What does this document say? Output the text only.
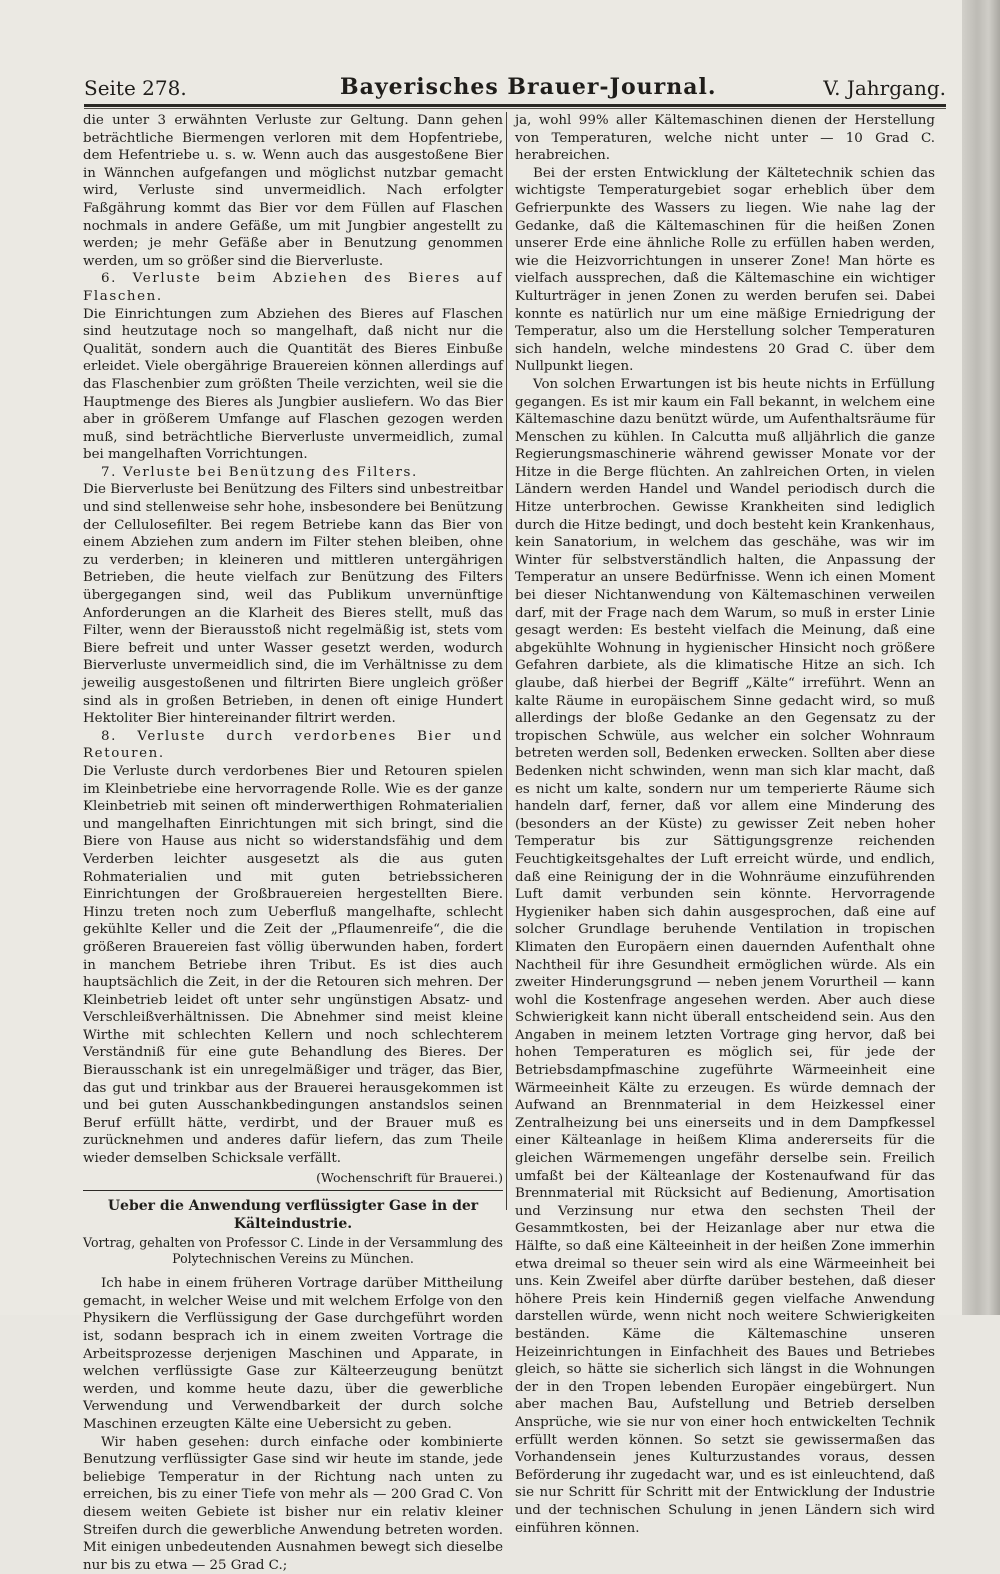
Seite 278.	Bayerisches Brauer-Journal.	V. Jahrgang.

die unter 3 erwähnten Verluste zur Geltung. Dann gehen beträchtliche Biermengen verloren mit dem Hopfentriebe, dem Hefentriebe u. s. w. Wenn auch das ausgestoßene Bier in Wännchen aufgefangen und möglichst nutzbar gemacht wird, Verluste sind unvermeidlich. Nach erfolgter Faßgährung kommt das Bier vor dem Füllen auf Flaschen nochmals in andere Gefäße, um mit Jungbier angestellt zu werden; je mehr Gefäße aber in Benutzung genommen werden, um so größer sind die Bierverluste.

6. Verluste beim Abziehen des Bieres auf Flaschen.

Die Einrichtungen zum Abziehen des Bieres auf Flaschen sind heutzutage noch so mangelhaft, daß nicht nur die Qualität, sondern auch die Quantität des Bieres Einbuße erleidet. Viele obergährige Brauereien können allerdings auf das Flaschenbier zum größten Theile verzichten, weil sie die Hauptmenge des Bieres als Jungbier ausliefern. Wo das Bier aber in größerem Umfange auf Flaschen gezogen werden muß, sind beträchtliche Bierverluste unvermeidlich, zumal bei mangelhaften Vorrichtungen.

7. Verluste bei Benützung des Filters.

Die Bierverluste bei Benützung des Filters sind unbestreitbar und sind stellenweise sehr hohe, insbesondere bei Benützung der Cellulosefilter. Bei regem Betriebe kann das Bier von einem Abziehen zum andern im Filter stehen bleiben, ohne zu verderben; in kleineren und mittleren untergährigen Betrieben, die heute vielfach zur Benützung des Filters übergegangen sind, weil das Publikum unvernünftige Anforderungen an die Klarheit des Bieres stellt, muß das Filter, wenn der Bierausstoß nicht regelmäßig ist, stets vom Biere befreit und unter Wasser gesetzt werden, wodurch Bierverluste unvermeidlich sind, die im Verhältnisse zu dem jeweilig ausgestoßenen und filtrirten Biere ungleich größer sind als in großen Betrieben, in denen oft einige Hundert Hektoliter Bier hintereinander filtrirt werden.

8. Verluste durch verdorbenes Bier und Retouren.

Die Verluste durch verdorbenes Bier und Retouren spielen im Kleinbetriebe eine hervorragende Rolle. Wie es der ganze Kleinbetrieb mit seinen oft minderwerthigen Rohmaterialien und mangelhaften Einrichtungen mit sich bringt, sind die Biere von Hause aus nicht so widerstandsfähig und dem Verderben leichter ausgesetzt als die aus guten Rohmaterialien und mit guten betriebssicheren Einrichtungen der Großbrauereien hergestellten Biere. Hinzu treten noch zum Ueberfluß mangelhafte, schlecht gekühlte Keller und die Zeit der „Pflaumenreife“, die die größeren Brauereien fast völlig überwunden haben, fordert in manchem Betriebe ihren Tribut. Es ist dies auch hauptsächlich die Zeit, in der die Retouren sich mehren. Der Kleinbetrieb leidet oft unter sehr ungünstigen Absatz- und Verschleißverhältnissen. Die Abnehmer sind meist kleine Wirthe mit schlechten Kellern und noch schlechterem Verständniß für eine gute Behandlung des Bieres. Der Bierausschank ist ein unregelmäßiger und träger, das Bier, das gut und trinkbar aus der Brauerei herausgekommen ist und bei guten Ausschankbedingungen anstandslos seinen Beruf erfüllt hätte, verdirbt, und der Brauer muß es zurücknehmen und anderes dafür liefern, das zum Theile wieder demselben Schicksale verfällt.

(Wochenschrift für Brauerei.)
Ueber die Anwendung verflüssigter Gase in der Kälteindustrie.
Vortrag, gehalten von Professor C. Linde in der Versammlung des Polytechnischen Vereins zu München.

Ich habe in einem früheren Vortrage darüber Mittheilung gemacht, in welcher Weise und mit welchem Erfolge von den Physikern die Verflüssigung der Gase durchgeführt worden ist, sodann besprach ich in einem zweiten Vortrage die Arbeitsprozesse derjenigen Maschinen und Apparate, in welchen verflüssigte Gase zur Kälteerzeugung benützt werden, und komme heute dazu, über die gewerbliche Verwendung und Verwendbarkeit der durch solche Maschinen erzeugten Kälte eine Uebersicht zu geben.

Wir haben gesehen: durch einfache oder kombinierte Benutzung verflüssigter Gase sind wir heute im stande, jede beliebige Temperatur in der Richtung nach unten zu erreichen, bis zu einer Tiefe von mehr als — 200 Grad C. Von diesem weiten Gebiete ist bisher nur ein relativ kleiner Streifen durch die gewerbliche Anwendung betreten worden. Mit einigen unbedeutenden Ausnahmen bewegt sich dieselbe nur bis zu etwa — 25 Grad C.;

ja, wohl 99% aller Kältemaschinen dienen der Herstellung von Temperaturen, welche nicht unter — 10 Grad C. herabreichen.

Bei der ersten Entwicklung der Kältetechnik schien das wichtigste Temperaturgebiet sogar erheblich über dem Gefrierpunkte des Wassers zu liegen. Wie nahe lag der Gedanke, daß die Kältemaschinen für die heißen Zonen unserer Erde eine ähnliche Rolle zu erfüllen haben werden, wie die Heizvorrichtungen in unserer Zone! Man hörte es vielfach aussprechen, daß die Kältemaschine ein wichtiger Kulturträger in jenen Zonen zu werden berufen sei. Dabei konnte es natürlich nur um eine mäßige Erniedrigung der Temperatur, also um die Herstellung solcher Temperaturen sich handeln, welche mindestens 20 Grad C. über dem Nullpunkt liegen.

Von solchen Erwartungen ist bis heute nichts in Erfüllung gegangen. Es ist mir kaum ein Fall bekannt, in welchem eine Kältemaschine dazu benützt würde, um Aufenthaltsräume für Menschen zu kühlen. In Calcutta muß alljährlich die ganze Regierungsmaschinerie während gewisser Monate vor der Hitze in die Berge flüchten. An zahlreichen Orten, in vielen Ländern werden Handel und Wandel periodisch durch die Hitze unterbrochen. Gewisse Krankheiten sind lediglich durch die Hitze bedingt, und doch besteht kein Krankenhaus, kein Sanatorium, in welchem das geschähe, was wir im Winter für selbstverständlich halten, die Anpassung der Temperatur an unsere Bedürfnisse. Wenn ich einen Moment bei dieser Nichtanwendung von Kältemaschinen verweilen darf, mit der Frage nach dem Warum, so muß in erster Linie gesagt werden: Es besteht vielfach die Meinung, daß eine abgekühlte Wohnung in hygienischer Hinsicht noch größere Gefahren darbiete, als die klimatische Hitze an sich. Ich glaube, daß hierbei der Begriff „Kälte“ irreführt. Wenn an kalte Räume in europäischem Sinne gedacht wird, so muß allerdings der bloße Gedanke an den Gegensatz zu der tropischen Schwüle, aus welcher ein solcher Wohnraum betreten werden soll, Bedenken erwecken. Sollten aber diese Bedenken nicht schwinden, wenn man sich klar macht, daß es nicht um kalte, sondern nur um temperierte Räume sich handeln darf, ferner, daß vor allem eine Minderung des (besonders an der Küste) zu gewisser Zeit neben hoher Temperatur bis zur Sättigungsgrenze reichenden Feuchtigkeitsgehaltes der Luft erreicht würde, und endlich, daß eine Reinigung der in die Wohnräume einzuführenden Luft damit verbunden sein könnte. Hervorragende Hygieniker haben sich dahin ausgesprochen, daß eine auf solcher Grundlage beruhende Ventilation in tropischen Klimaten den Europäern einen dauernden Aufenthalt ohne Nachtheil für ihre Gesundheit ermöglichen würde. Als ein zweiter Hinderungsgrund — neben jenem Vorurtheil — kann wohl die Kostenfrage angesehen werden. Aber auch diese Schwierigkeit kann nicht überall entscheidend sein. Aus den Angaben in meinem letzten Vortrage ging hervor, daß bei hohen Temperaturen es möglich sei, für jede der Betriebsdampfmaschine zugeführte Wärmeeinheit eine Wärmeeinheit Kälte zu erzeugen. Es würde demnach der Aufwand an Brennmaterial in dem Heizkessel einer Zentralheizung bei uns einerseits und in dem Dampfkessel einer Kälteanlage in heißem Klima andererseits für die gleichen Wärmemengen ungefähr derselbe sein. Freilich umfaßt bei der Kälteanlage der Kostenaufwand für das Brennmaterial mit Rücksicht auf Bedienung, Amortisation und Verzinsung nur etwa den sechsten Theil der Gesammtkosten, bei der Heizanlage aber nur etwa die Hälfte, so daß eine Kälteeinheit in der heißen Zone immerhin etwa dreimal so theuer sein wird als eine Wärmeeinheit bei uns. Kein Zweifel aber dürfte darüber bestehen, daß dieser höhere Preis kein Hinderniß gegen vielfache Anwendung darstellen würde, wenn nicht noch weitere Schwierigkeiten beständen. Käme die Kältemaschine unseren Heizeinrichtungen in Einfachheit des Baues und Betriebes gleich, so hätte sie sicherlich sich längst in die Wohnungen der in den Tropen lebenden Europäer eingebürgert. Nun aber machen Bau, Aufstellung und Betrieb derselben Ansprüche, wie sie nur von einer hoch entwickelten Technik erfüllt werden können. So setzt sie gewissermaßen das Vorhandensein jenes Kulturzustandes voraus, dessen Beförderung ihr zugedacht war, und es ist einleuchtend, daß sie nur Schritt für Schritt mit der Entwicklung der Industrie und der technischen Schulung in jenen Ländern sich wird einführen können.
